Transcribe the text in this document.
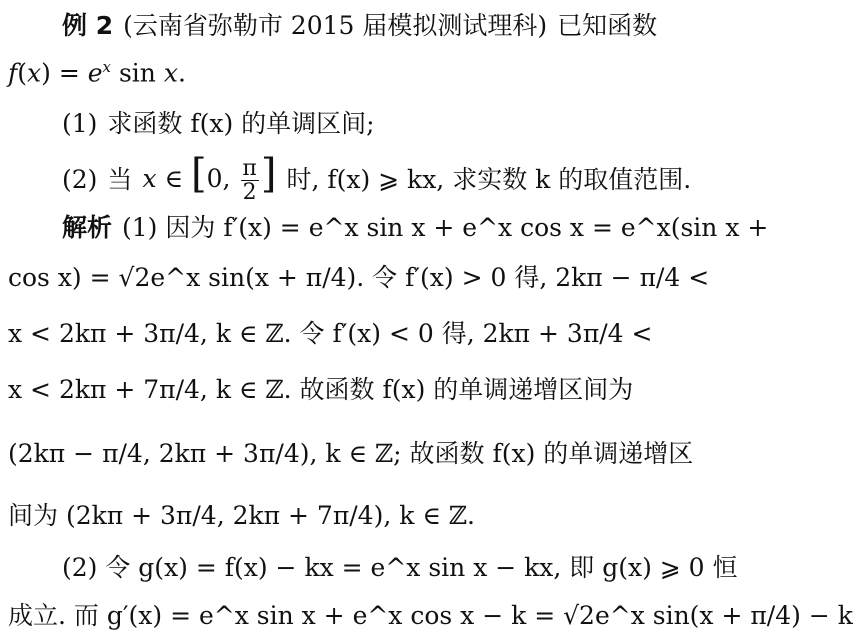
例 2 (云南省弥勒市 2015 届模拟测试理科) 已知函数
$f(x) = e^x$ sin x.
(1) 求函数 f(x) 的单调区间;
(2) 当 x ∈ [0, $\frac{\pi}{2}$ ] 时, f(x) ⩾ kx, 求实数 k 的取值范围.
解析 (1) 因为 f′(x) = e^x sin x + e^x cos x = e^x(sin x +
cos x) = √2e^x sin(x + π/4). 令 f′(x) > 0 得, 2kπ − π/4 <
x < 2kπ + 3π/4, k ∈ ℤ. 令 f′(x) < 0 得, 2kπ + 3π/4 <
x < 2kπ + 7π/4, k ∈ ℤ. 故函数 f(x) 的单调递增区间为
(2kπ − π/4, 2kπ + 3π/4), k ∈ ℤ; 故函数 f(x) 的单调递增区
间为 (2kπ + 3π/4, 2kπ + 7π/4), k ∈ ℤ.
(2) 令 g(x) = f(x) − kx = e^x sin x − kx, 即 g(x) ⩾ 0 恒
成立. 而 g′(x) = e^x sin x + e^x cos x − k = √2e^x sin(x + π/4) − k
